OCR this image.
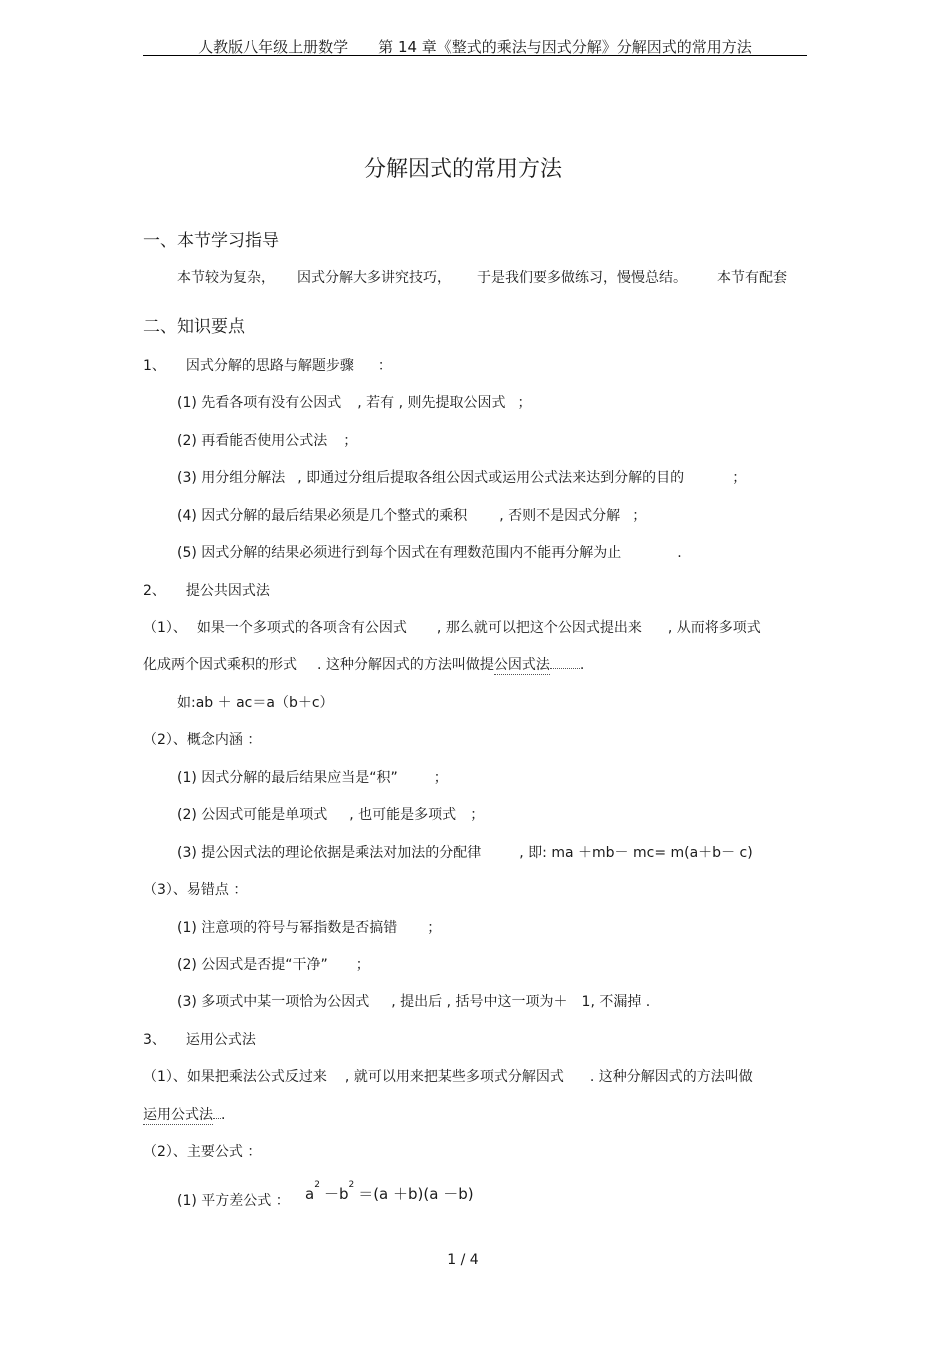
人教版八年级上册数学　　第 14 章《整式的乘法与因式分解》分解因式的常用方法
分解因式的常用方法
一、本节学习指导
本节较为复杂， 因式分解大多讲究技巧， 于是我们要多做练习，慢慢总结。 本节有配套
二、知识要点
1、 因式分解的思路与解题步骤 ：
(1) 先看各项有没有公因式 , 若有 , 则先提取公因式 ；
(2) 再看能否使用公式法 ；
(3) 用分组分解法 , 即通过分组后提取各组公因式或运用公式法来达到分解的目的	；
(4) 因式分解的最后结果必须是几个整式的乘积 , 否则不是因式分解 ；
(5) 因式分解的结果必须进行到每个因式在有理数范围内不能再分解为止	.
2、 提公共因式法
（1）、 如果一个多项式的各项含有公因式 , 那么就可以把这个公因式提出来 , 从而将多项式
化成两个因式乘积的形式 . 这种分解因式的方法叫做提公因式法 .
如:ab ＋ ac＝a（b＋c）
（2）、概念内涵 ：
(1) 因式分解的最后结果应当是“积”	；
(2) 公因式可能是单项式 , 也可能是多项式 ；
(3) 提公因式法的理论依据是乘法对加法的分配律	, 即: ma ＋mb－ mc= m(a＋b－ c)
（3）、易错点 ：
(1) 注意项的符号与幂指数是否搞错 ；
(2) 公因式是否提“干净” ；
(3) 多项式中某一项恰为公因式 , 提出后 , 括号中这一项为＋ 1, 不漏掉 .
3、 运用公式法
（1）、如果把乘法公式反过来 , 就可以用来把某些多项式分解因式 . 这种分解因式的方法叫做
运用公式法 .
（2）、主要公式 ：
(1) 平方差公式 ： $a^2 -b^2 =(a +b)(a -b)$
1 / 4
